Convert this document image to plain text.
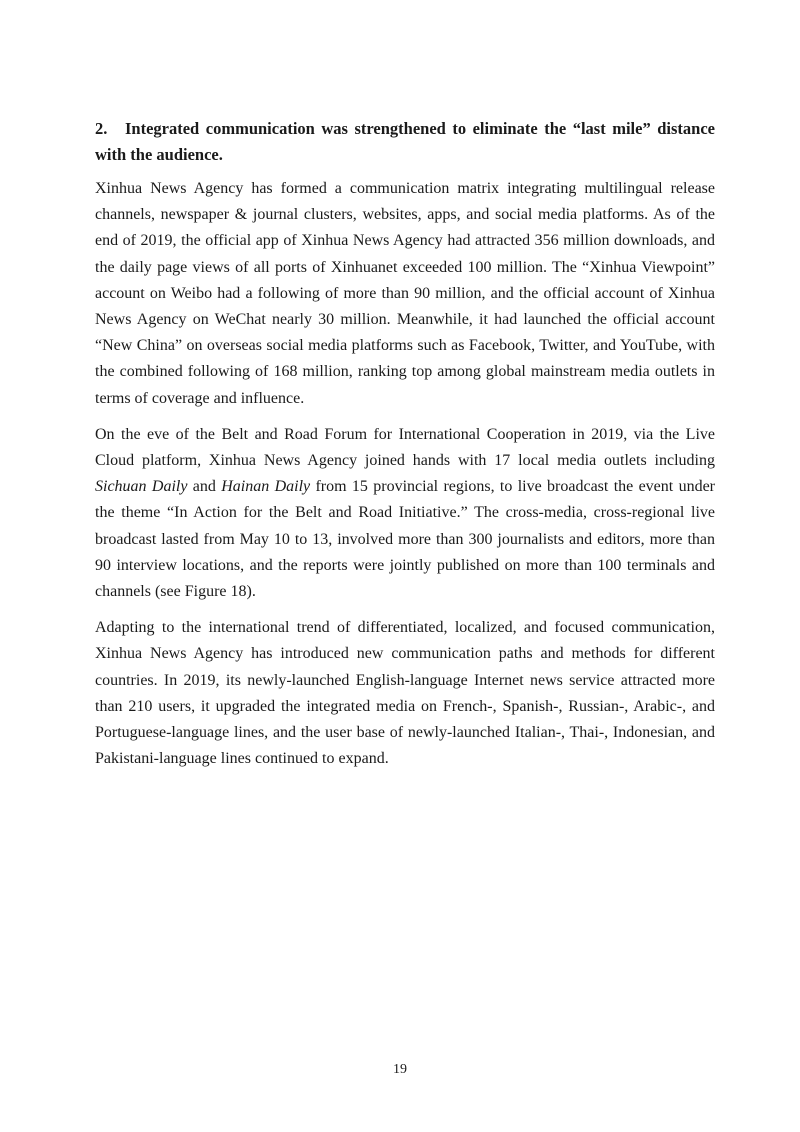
2. Integrated communication was strengthened to eliminate the “last mile” distance with the audience.

Xinhua News Agency has formed a communication matrix integrating multilingual release channels, newspaper & journal clusters, websites, apps, and social media platforms. As of the end of 2019, the official app of Xinhua News Agency had attracted 356 million downloads, and the daily page views of all ports of Xinhuanet exceeded 100 million. The “Xinhua Viewpoint” account on Weibo had a following of more than 90 million, and the official account of Xinhua News Agency on WeChat nearly 30 million. Meanwhile, it had launched the official account “New China” on overseas social media platforms such as Facebook, Twitter, and YouTube, with the combined following of 168 million, ranking top among global mainstream media outlets in terms of coverage and influence.

On the eve of the Belt and Road Forum for International Cooperation in 2019, via the Live Cloud platform, Xinhua News Agency joined hands with 17 local media outlets including Sichuan Daily and Hainan Daily from 15 provincial regions, to live broadcast the event under the theme “In Action for the Belt and Road Initiative.” The cross-media, cross-regional live broadcast lasted from May 10 to 13, involved more than 300 journalists and editors, more than 90 interview locations, and the reports were jointly published on more than 100 terminals and channels (see Figure 18).

Adapting to the international trend of differentiated, localized, and focused communication, Xinhua News Agency has introduced new communication paths and methods for different countries. In 2019, its newly-launched English-language Internet news service attracted more than 210 users, it upgraded the integrated media on French-, Spanish-, Russian-, Arabic-, and Portuguese-language lines, and the user base of newly-launched Italian-, Thai-, Indonesian, and Pakistani-language lines continued to expand.

19
